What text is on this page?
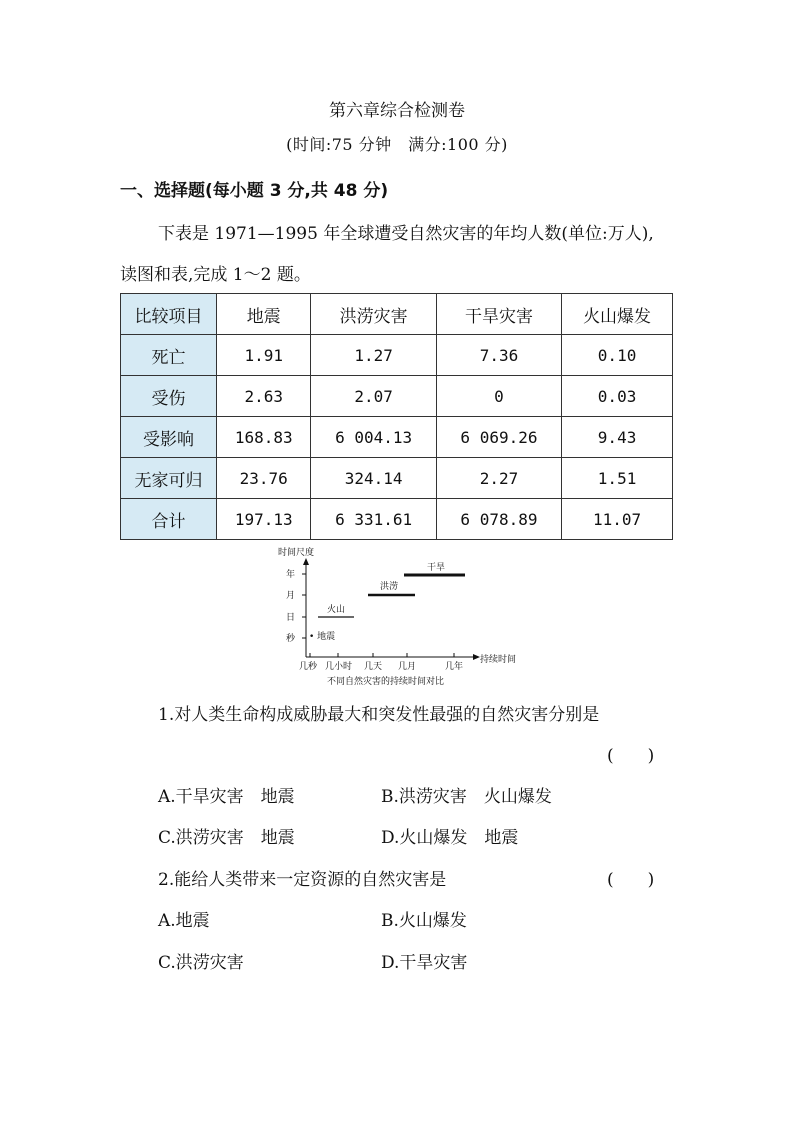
第六章综合检测卷
(时间:75 分钟　满分:100 分)
一、选择题(每小题 3 分,共 48 分)
下表是 1971—1995 年全球遭受自然灾害的年均人数(单位:万人),
读图和表,完成 1～2 题。
比较项目	地震	洪涝灾害	干旱灾害	火山爆发
死亡	1.91	1.27	7.36	0.10
受伤	2.63	2.07	0	0.03
受影响	168.83	6 004.13	6 069.26	9.43
无家可归	23.76	324.14	2.27	1.51
合计	197.13	6 331.61	6 078.89	11.07
时间尺度
持续时间
年
月
日
秒
几秒 几小时 几天 几月	几年
干旱
洪涝
火山
• 地震
不同自然灾害的持续时间对比
1.对人类生命构成威胁最大和突发性最强的自然灾害分别是
(　　)
A.干旱灾害　地震	B.洪涝灾害　火山爆发
C.洪涝灾害　地震	D.火山爆发　地震
2.能给人类带来一定资源的自然灾害是	(　　)
A.地震	B.火山爆发
C.洪涝灾害	D.干旱灾害
